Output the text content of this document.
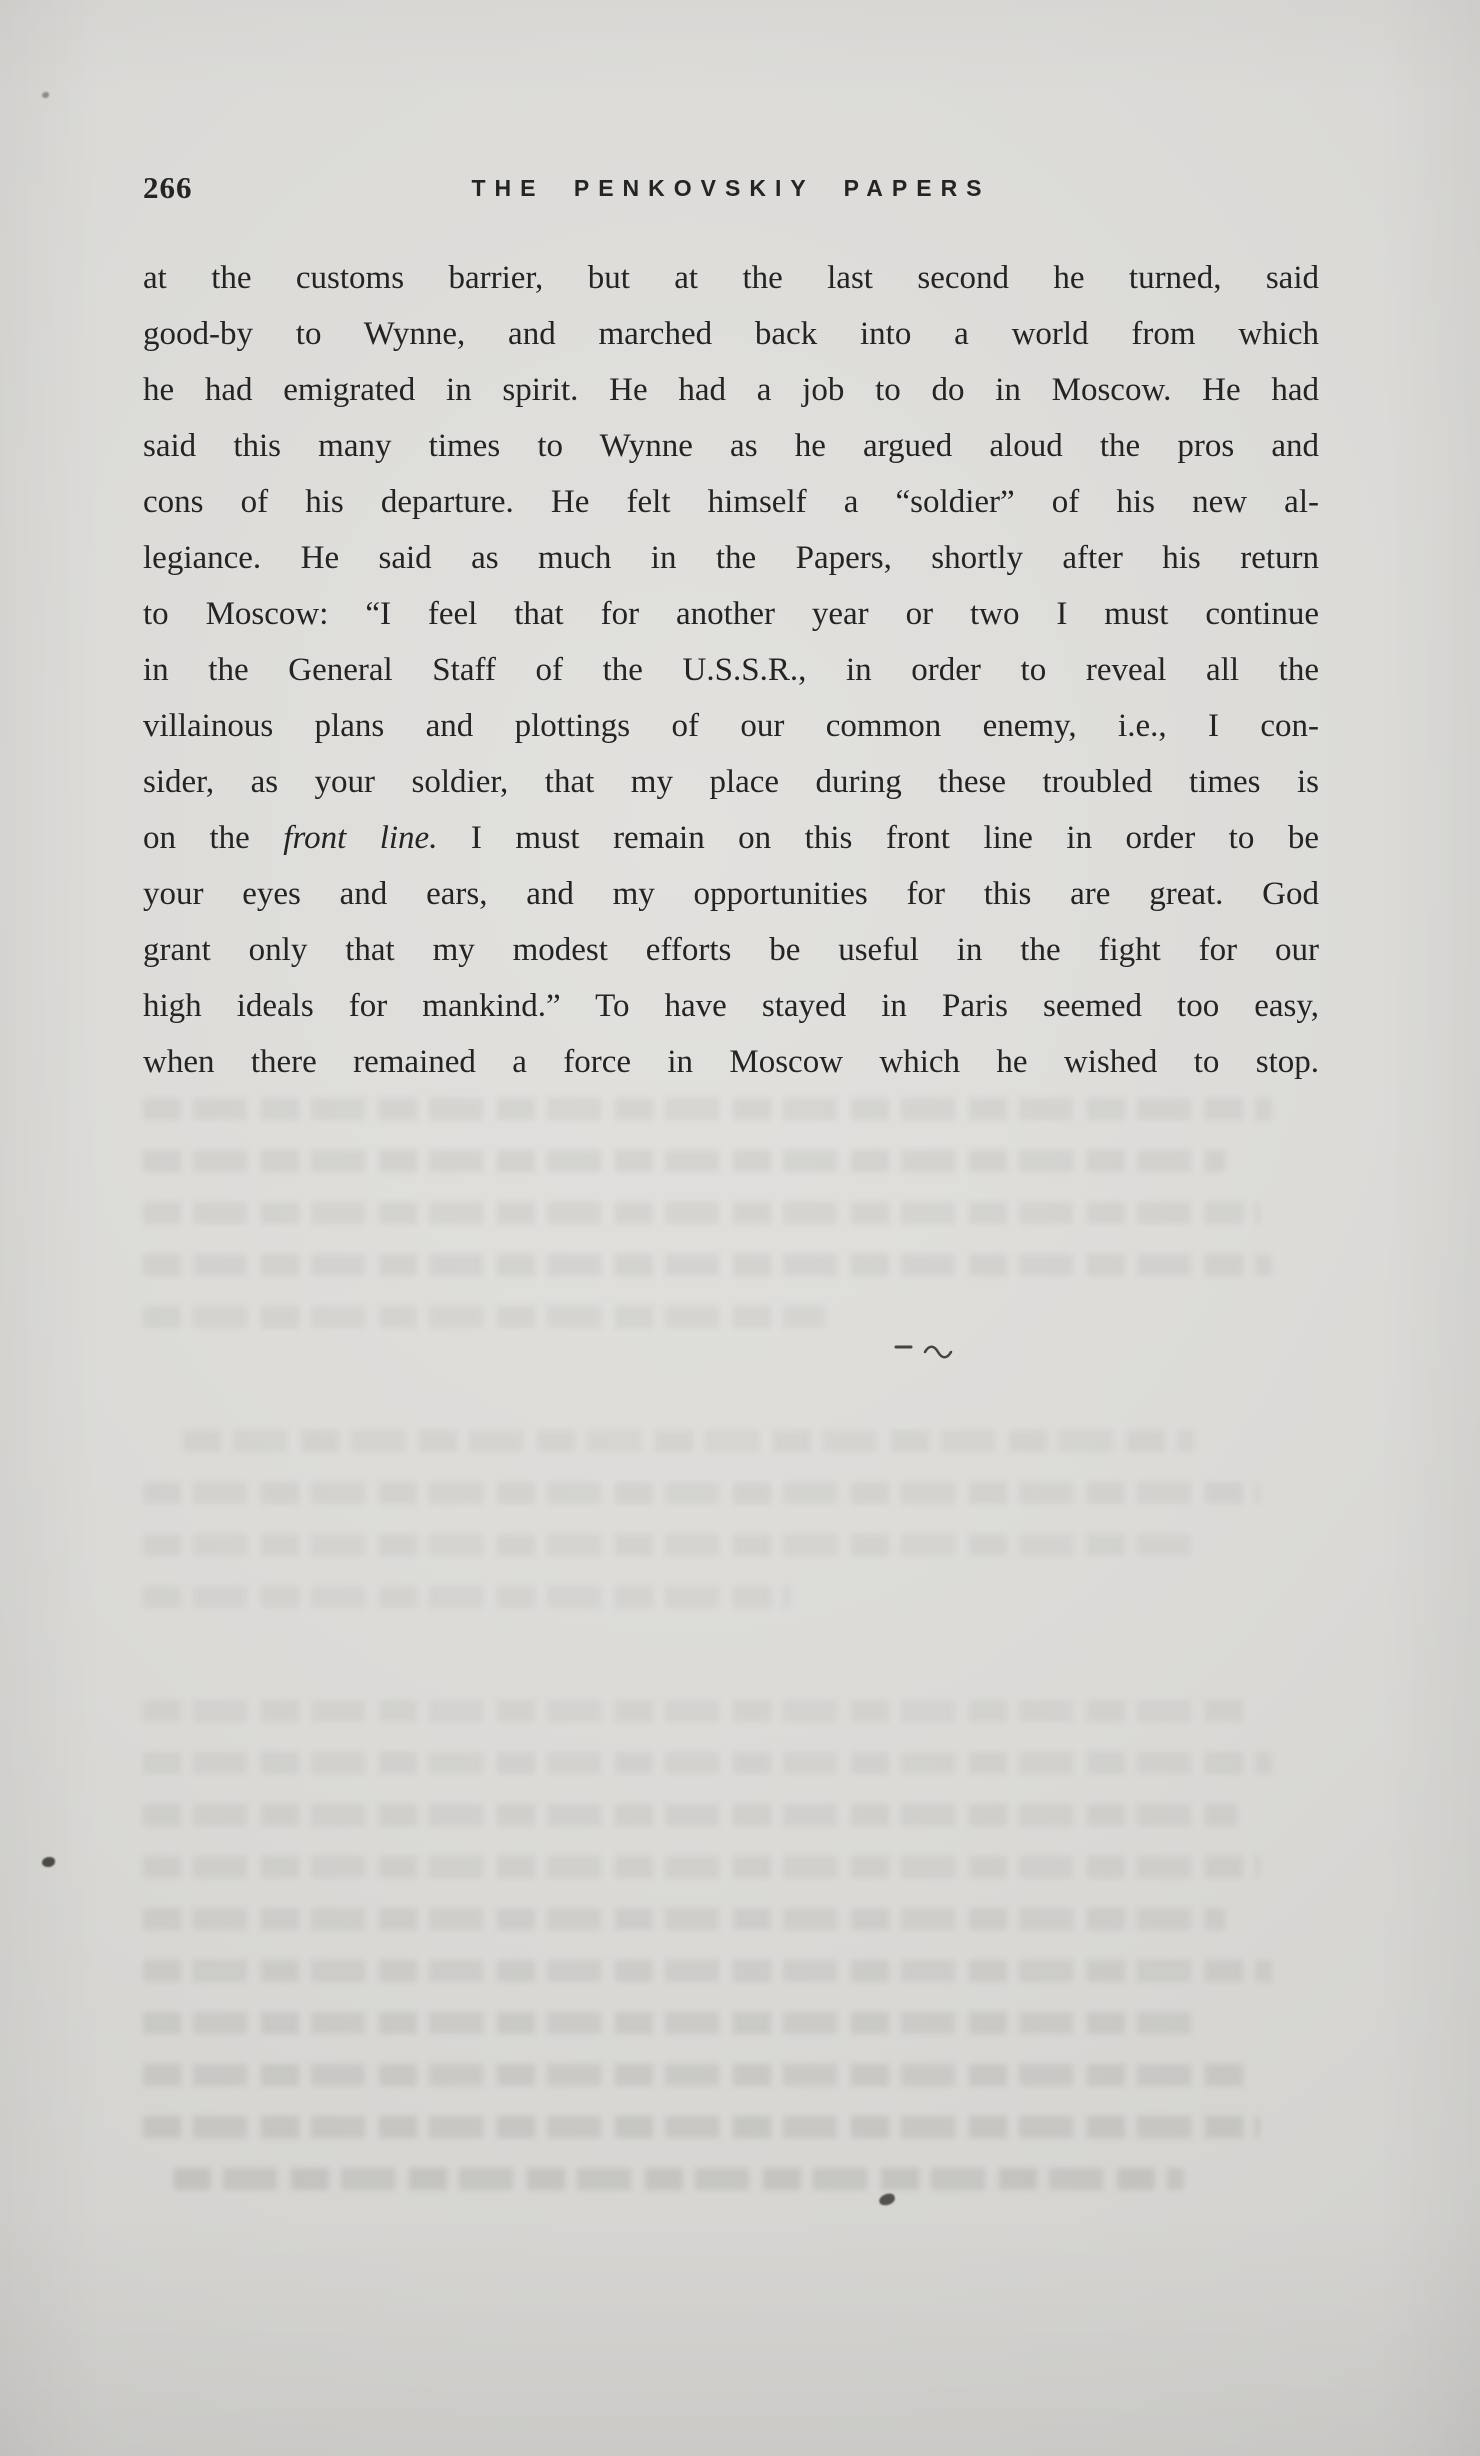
266	THE PENKOVSKIY PAPERS
at the customs barrier, but at the last second he turned, said
good-by to Wynne, and marched back into a world from which
he had emigrated in spirit. He had a job to do in Moscow. He had
said this many times to Wynne as he argued aloud the pros and
cons of his departure. He felt himself a “soldier” of his new al-
legiance. He said as much in the Papers, shortly after his return
to Moscow: “I feel that for another year or two I must continue
in the General Staff of the U.S.S.R., in order to reveal all the
villainous plans and plottings of our common enemy, i.e., I con-
sider, as your soldier, that my place during these troubled times is
on the front line. I must remain on this front line in order to be
your eyes and ears, and my opportunities for this are great. God
grant only that my modest efforts be useful in the fight for our
high ideals for mankind.” To have stayed in Paris seemed too easy,
when there remained a force in Moscow which he wished to stop.
